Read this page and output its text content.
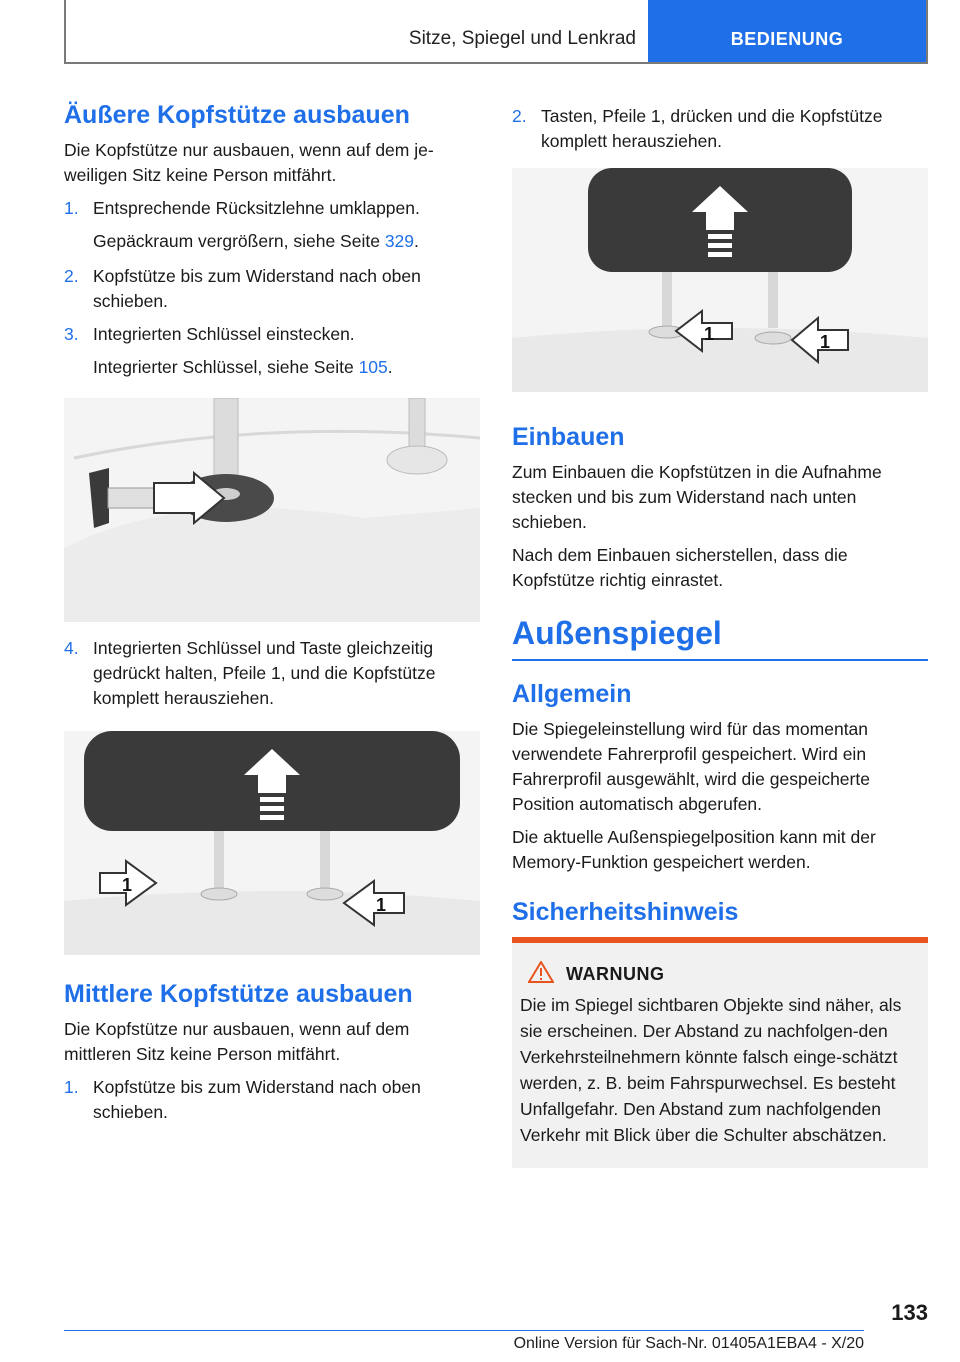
Sitze, Spiegel und Lenkrad	BEDIENUNG
Äußere Kopfstütze ausbauen

Die Kopfstütze nur ausbauen, wenn auf dem je-weiligen Sitz keine Person mitfährt.

1. Entsprechende Rücksitzlehne umklappen.
Gepäckraum vergrößern, siehe Seite 329.
2. Kopfstütze bis zum Widerstand nach oben schieben.
3. Integrierten Schlüssel einstecken.
Integrierter Schlüssel, siehe Seite 105.
4. Integrierten Schlüssel und Taste gleichzeitig gedrückt halten, Pfeile 1, und die Kopfstütze komplett herausziehen.
1
1
Mittlere Kopfstütze ausbauen

Die Kopfstütze nur ausbauen, wenn auf dem mittleren Sitz keine Person mitfährt.

1. Kopfstütze bis zum Widerstand nach oben schieben.
2. Tasten, Pfeile 1, drücken und die Kopfstütze komplett herausziehen.
1	1
Einbauen

Zum Einbauen die Kopfstützen in die Aufnahme stecken und bis zum Widerstand nach unten schieben.

Nach dem Einbauen sicherstellen, dass die Kopfstütze richtig einrastet.

Außenspiegel
Allgemein

Die Spiegeleinstellung wird für das momentan verwendete Fahrerprofil gespeichert. Wird ein Fahrerprofil ausgewählt, wird die gespeicherte Position automatisch abgerufen.

Die aktuelle Außenspiegelposition kann mit der Memory-Funktion gespeichert werden.

Sicherheitshinweis
WARNUNG

Die im Spiegel sichtbaren Objekte sind näher, als sie erscheinen. Der Abstand zu nachfolgen-den Verkehrsteilnehmern könnte falsch einge-schätzt werden, z. B. beim Fahrspurwechsel. Es besteht Unfallgefahr. Den Abstand zum nachfolgenden Verkehr mit Blick über die Schulter abschätzen.

133
Online Version für Sach-Nr. 01405A1EBA4 - X/20
